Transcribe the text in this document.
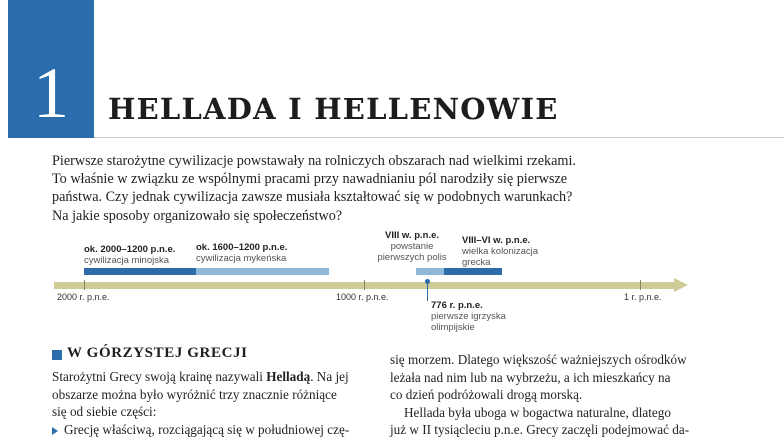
1	HELLADA I HELLENOWIE
Pierwsze starożytne cywilizacje powstawały na rolniczych obszarach nad wielkimi rzekami.
To właśnie w związku ze wspólnymi pracami przy nawadnianiu pól narodziły się pierwsze
państwa. Czy jednak cywilizacja zawsze musiała kształtować się w podobnych warunkach?
Na jakie sposoby organizowało się społeczeństwo?
ok. 2000–1200 p.n.e.
cywilizacja minojska
ok. 1600–1200 p.n.e.
cywilizacja mykeńska
VIII w. p.n.e.
powstanie pierwszych polis
VIII–VI w. p.n.e.
wielka kolonizacja grecka
2000 r. p.n.e.	1000 r. p.n.e.	1 r. p.n.e.
776 r. p.n.e.
pierwsze igrzyska olimpijskie
W GÓRZYSTEJ GRECJI
Starożytni Grecy swoją krainę nazywali Helladą. Na jej
obszarze można było wyróżnić trzy znacznie różniące
się od siebie części:
Grecję właściwą, rozciągającą się w południowej czę-
się morzem. Dlatego większość ważniejszych ośrodków
leżała nad nim lub na wybrzeżu, a ich mieszkańcy na
co dzień podróżowali drogą morską.
Hellada była uboga w bogactwa naturalne, dlatego
już w II tysiącleciu p.n.e. Grecy zaczęli podejmować da-
